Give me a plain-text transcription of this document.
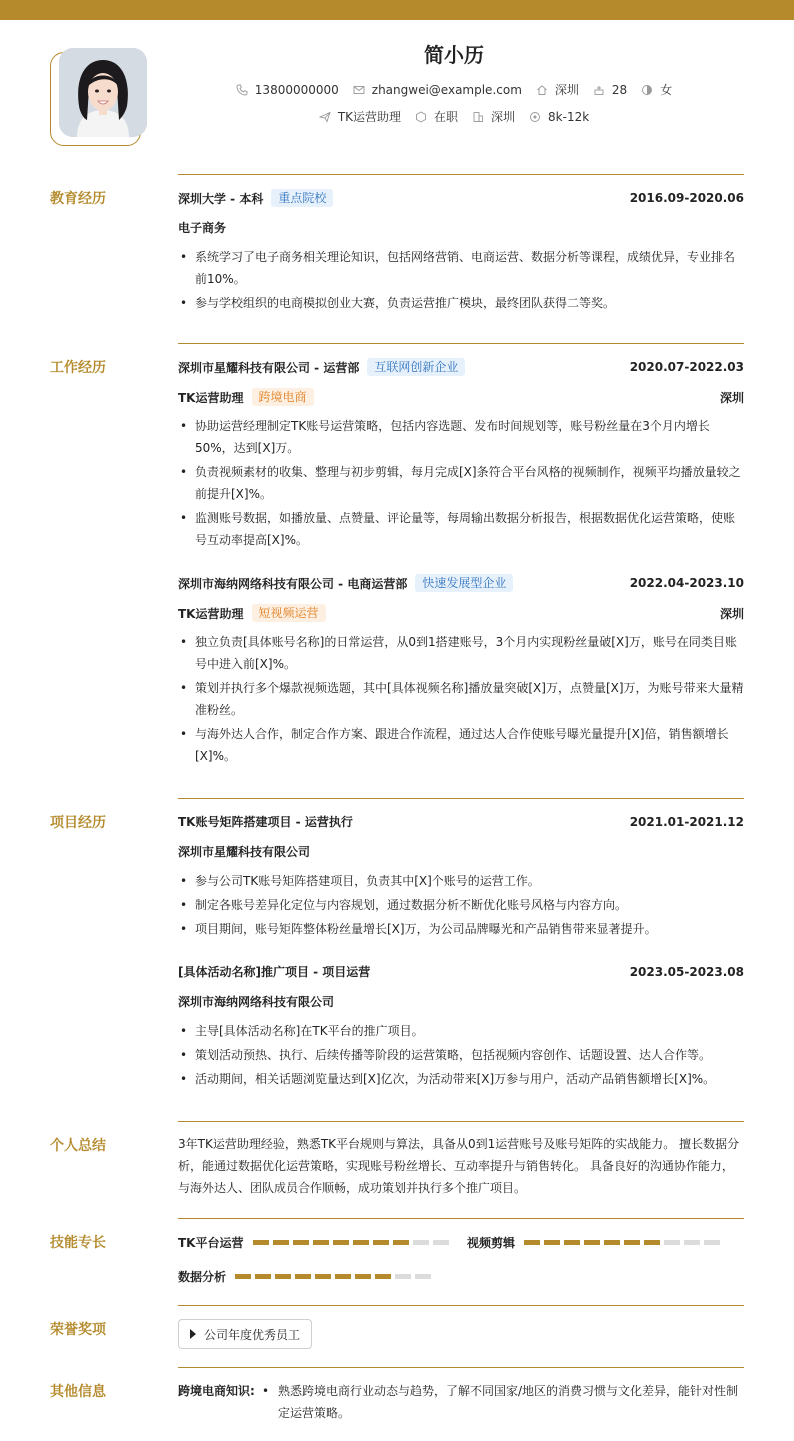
简小历
13800000000	zhangwei@example.com	深圳	28	女
TK运营助理	在职	深圳	8k-12k
教育经历	深圳大学 - 本科	重点院校	2016.09-2020.06
电子商务
• 系统学习了电子商务相关理论知识，包括网络营销、电商运营、数据分析等课程，成绩优异，专业排名前10%。
• 参与学校组织的电商模拟创业大赛，负责运营推广模块，最终团队获得二等奖。
工作经历	深圳市星耀科技有限公司 - 运营部	互联网创新企业	2020.07-2022.03
TK运营助理	跨境电商	深圳
• 协助运营经理制定TK账号运营策略，包括内容选题、发布时间规划等，账号粉丝量在3个月内增长50%，达到[X]万。
• 负责视频素材的收集、整理与初步剪辑，每月完成[X]条符合平台风格的视频制作，视频平均播放量较之前提升[X]%。
• 监测账号数据，如播放量、点赞量、评论量等，每周输出数据分析报告，根据数据优化运营策略，使账号互动率提高[X]%。
深圳市海纳网络科技有限公司 - 电商运营部	快速发展型企业	2022.04-2023.10
TK运营助理	短视频运营	深圳
• 独立负责[具体账号名称]的日常运营，从0到1搭建账号，3个月内实现粉丝量破[X]万，账号在同类目账号中进入前[X]%。
• 策划并执行多个爆款视频选题，其中[具体视频名称]播放量突破[X]万，点赞量[X]万，为账号带来大量精准粉丝。
• 与海外达人合作，制定合作方案、跟进合作流程，通过达人合作使账号曝光量提升[X]倍，销售额增长[X]%。
项目经历	TK账号矩阵搭建项目 - 运营执行	2021.01-2021.12
深圳市星耀科技有限公司
• 参与公司TK账号矩阵搭建项目，负责其中[X]个账号的运营工作。
• 制定各账号差异化定位与内容规划，通过数据分析不断优化账号风格与内容方向。
• 项目期间，账号矩阵整体粉丝量增长[X]万，为公司品牌曝光和产品销售带来显著提升。
[具体活动名称]推广项目 - 项目运营	2023.05-2023.08
深圳市海纳网络科技有限公司
• 主导[具体活动名称]在TK平台的推广项目。
• 策划活动预热、执行、后续传播等阶段的运营策略，包括视频内容创作、话题设置、达人合作等。
• 活动期间，相关话题浏览量达到[X]亿次，为活动带来[X]万参与用户，活动产品销售额增长[X]%。
个人总结	3年TK运营助理经验，熟悉TK平台规则与算法，具备从0到1运营账号及账号矩阵的实战能力。 擅长数据分析，能通过数据优化运营策略，实现账号粉丝增长、互动率提升与销售转化。 具备良好的沟通协作能力，与海外达人、团队成员合作顺畅，成功策划并执行多个推广项目。
技能专长	TK平台运营	视频剪辑
数据分析
荣誉奖项	公司年度优秀员工
其他信息	跨境电商知识:
•	熟悉跨境电商行业动态与趋势，了解不同国家/地区的消费习惯与文化差异，能针对性制定运营策略。
